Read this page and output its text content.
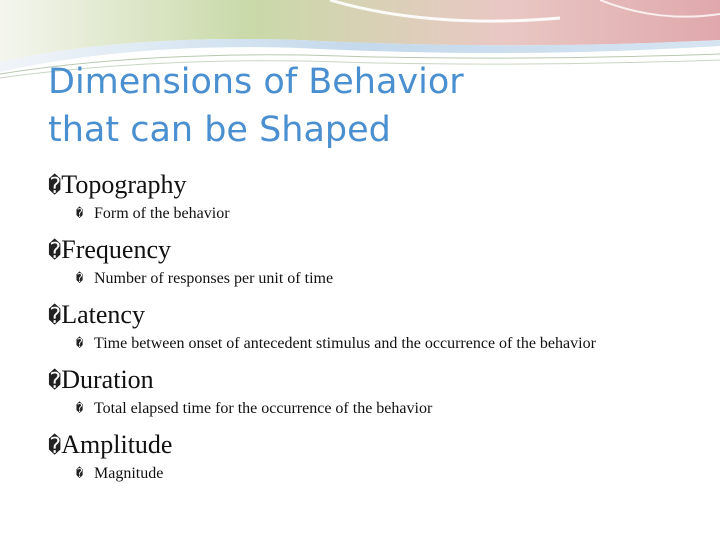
Dimensions of Behavior
that can be Shaped
�Topography
� Form of the behavior
�Frequency
� Number of responses per unit of time
�Latency
� Time between onset of antecedent stimulus and the occurrence of the behavior
�Duration
� Total elapsed time for the occurrence of the behavior
�Amplitude
� Magnitude
